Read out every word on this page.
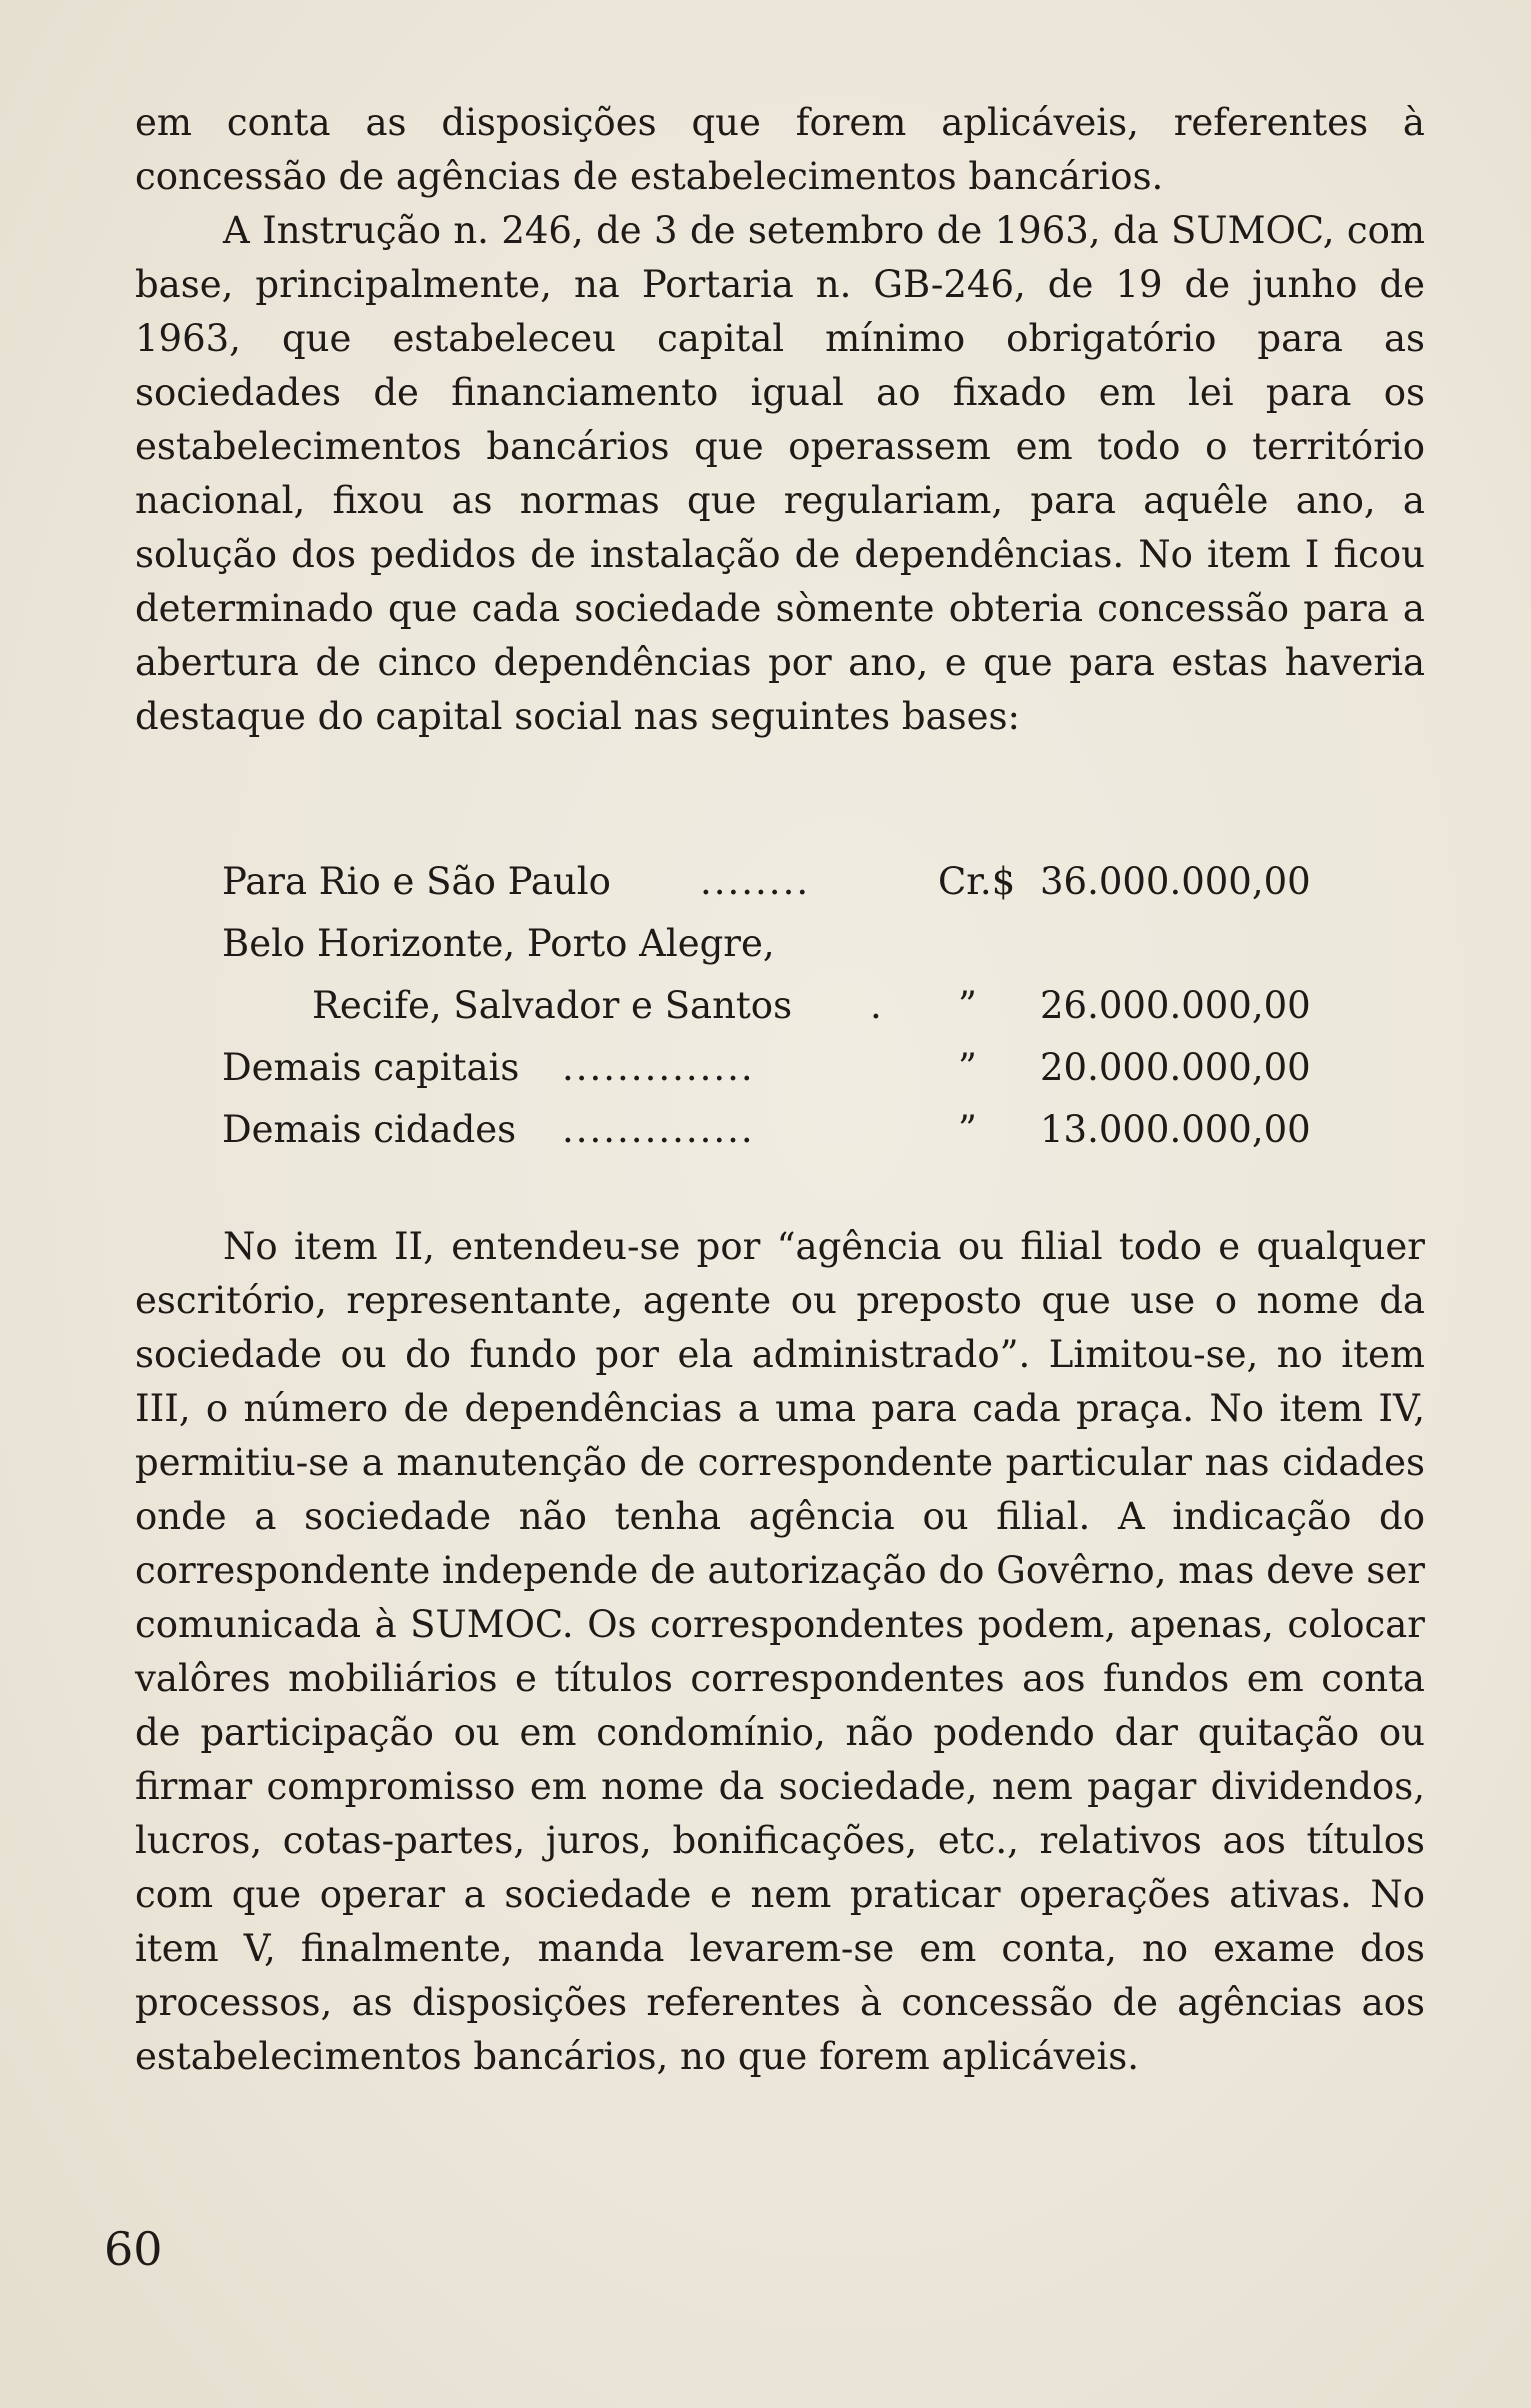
em conta as disposições que forem aplicáveis, referentes à concessão de agências de estabelecimentos bancários.

A Instrução n. 246, de 3 de setembro de 1963, da SUMOC, com base, principalmente, na Portaria n. GB-246, de 19 de junho de 1963, que estabeleceu capital mínimo obrigatório para as sociedades de financiamento igual ao fixado em lei para os estabelecimentos bancários que operassem em todo o território nacional, fixou as normas que regulariam, para aquêle ano, a solução dos pedidos de instalação de dependências. No item I ficou determinado que cada sociedade sòmente obteria concessão para a abertura de cinco dependências por ano, e que para estas haveria destaque do capital social nas seguintes bases:

Para Rio e São Paulo ........	Cr.$ 36.000.000,00
Belo Horizonte, Porto Alegre,
Recife, Salvador e Santos . ” 26.000.000,00
Demais capitais ..............	” 20.000.000,00
Demais cidades ..............	” 13.000.000,00

No item II, entendeu-se por “agência ou filial todo e qualquer escritório, representante, agente ou preposto que use o nome da sociedade ou do fundo por ela administrado”. Limitou-se, no item III, o número de dependências a uma para cada praça. No item IV, permitiu-se a manutenção de correspondente particular nas cidades onde a sociedade não tenha agência ou filial. A indicação do correspondente independe de autorização do Govêrno, mas deve ser comunicada à SUMOC. Os correspondentes podem, apenas, colocar valôres mobiliários e títulos correspondentes aos fundos em conta de participação ou em condomínio, não podendo dar quitação ou firmar compromisso em nome da sociedade, nem pagar dividendos, lucros, cotas-partes, juros, bonificações, etc., relativos aos títulos com que operar a sociedade e nem praticar operações ativas. No item V, finalmente, manda levarem-se em conta, no exame dos processos, as disposições referentes à concessão de agências aos estabelecimentos bancários, no que forem aplicáveis.

60
